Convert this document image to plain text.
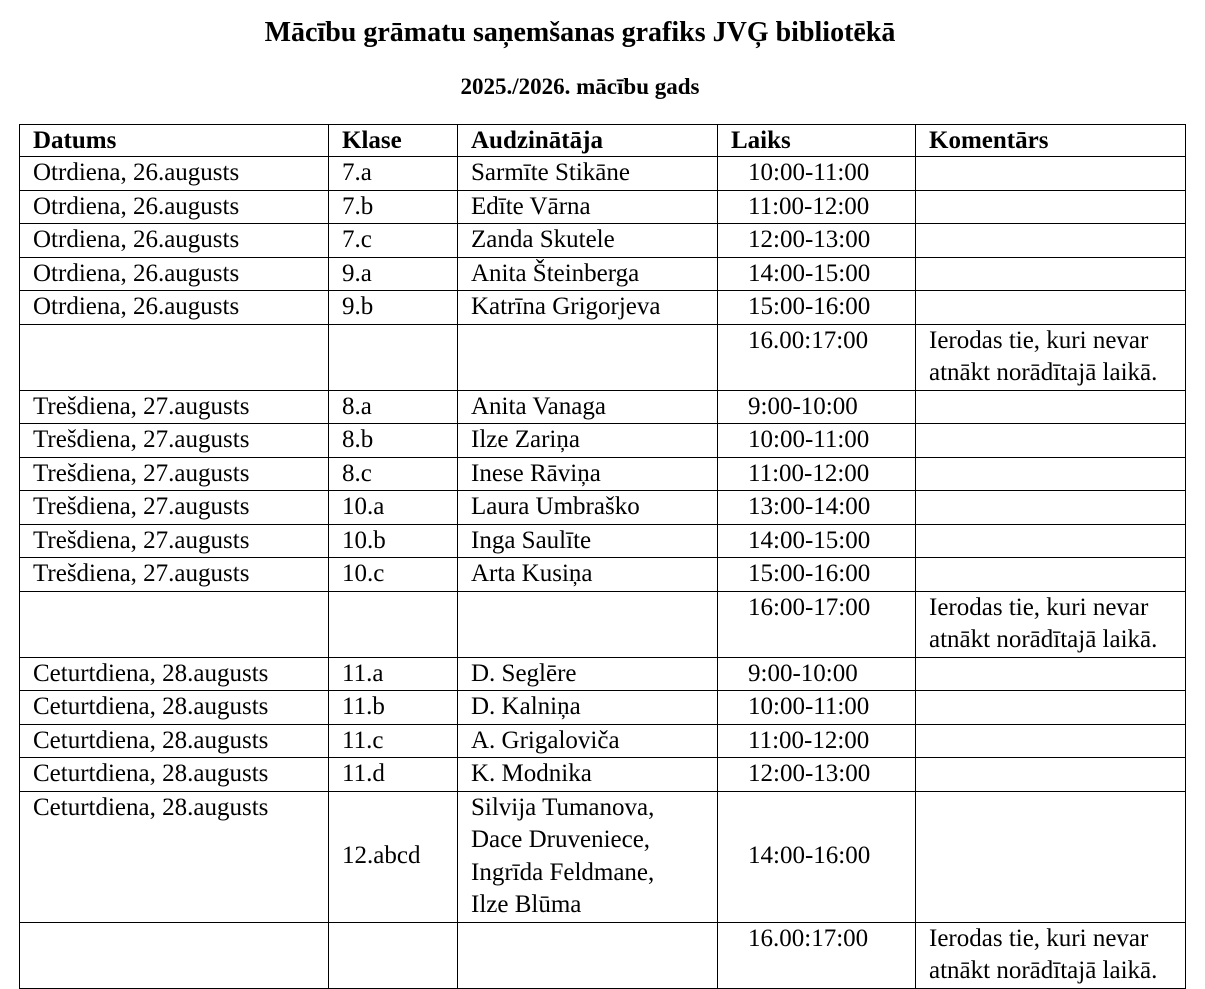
Mācību grāmatu saņemšanas grafiks JVĢ bibliotēkā
2025./2026. mācību gads
Datums	Klase	Audzinātāja	Laiks	Komentārs
Otrdiena, 26.augusts	7.a	Sarmīte Stikāne	10:00-11:00	
Otrdiena, 26.augusts	7.b	Edīte Vārna	11:00-12:00	
Otrdiena, 26.augusts	7.c	Zanda Skutele	12:00-13:00	
Otrdiena, 26.augusts	9.a	Anita Šteinberga	14:00-15:00	
Otrdiena, 26.augusts	9.b	Katrīna Grigorjeva	15:00-16:00	
			16.00:17:00	Ierodas tie, kuri nevar
atnākt norādītajā laikā.

Trešdiena, 27.augusts	8.a	Anita Vanaga	9:00-10:00	
Trešdiena, 27.augusts	8.b	Ilze Zariņa	10:00-11:00	
Trešdiena, 27.augusts	8.c	Inese Rāviņa	11:00-12:00	
Trešdiena, 27.augusts	10.a	Laura Umbraško	13:00-14:00	
Trešdiena, 27.augusts	10.b	Inga Saulīte	14:00-15:00	
Trešdiena, 27.augusts	10.c	Arta Kusiņa	15:00-16:00	
			16:00-17:00	Ierodas tie, kuri nevar
atnākt norādītajā laikā.

Ceturtdiena, 28.augusts	11.a	D. Seglēre	9:00-10:00	
Ceturtdiena, 28.augusts	11.b	D. Kalniņa	10:00-11:00	
Ceturtdiena, 28.augusts	11.c	A. Grigalovičа	11:00-12:00	
Ceturtdiena, 28.augusts	11.d	K. Modnika	12:00-13:00	
Ceturtdiena, 28.augusts	12.abcd	Silvija Tumanova,
Dace Druveniece,
Ingrīda Feldmane,
Ilze Blūma	14:00-16:00	
			16.00:17:00	Ierodas tie, kuri nevar
atnākt norādītajā laikā.
